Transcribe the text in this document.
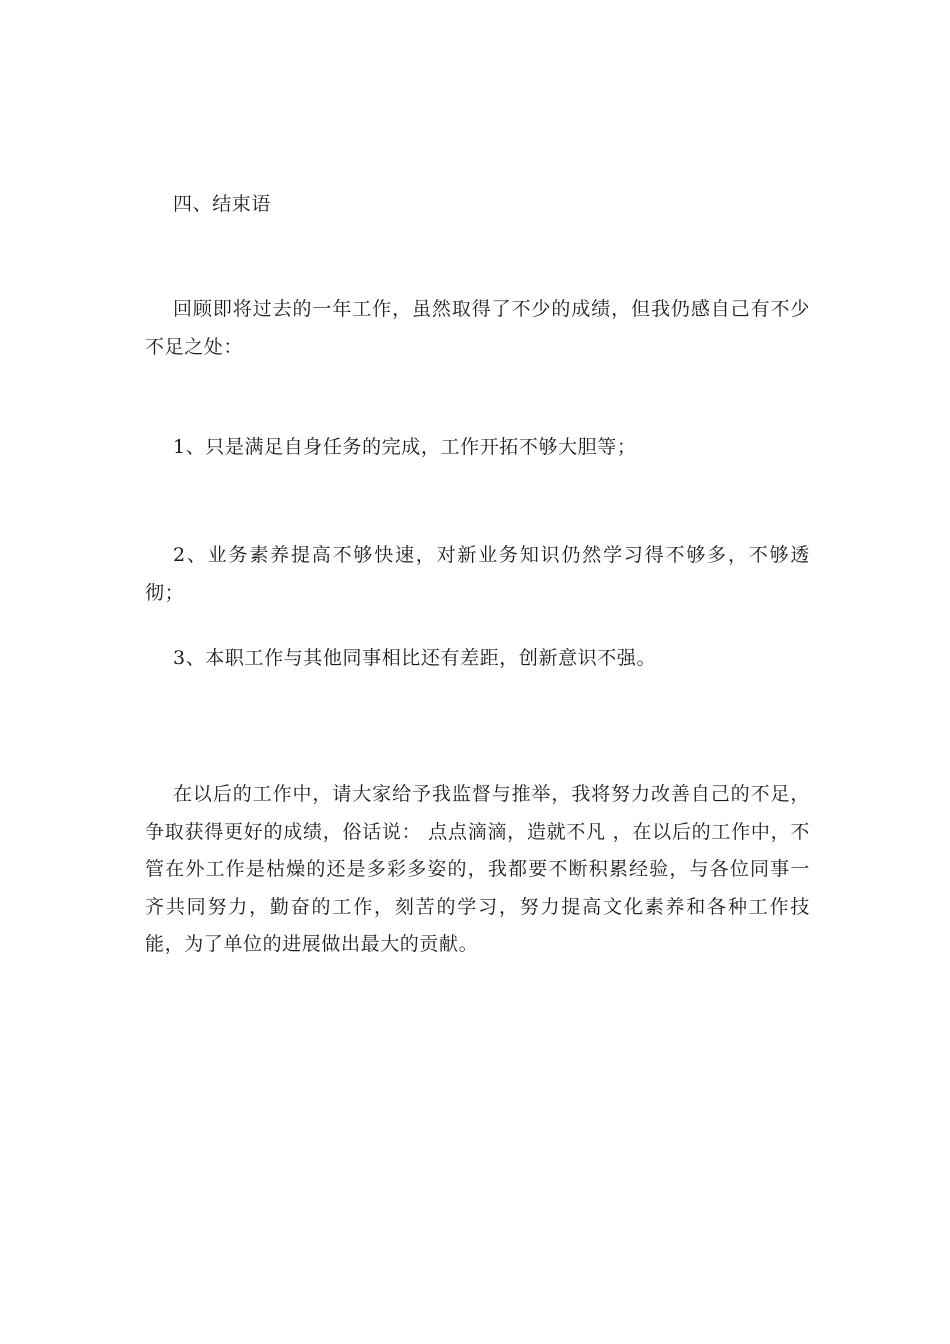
四、结束语

回顾即将过去的一年工作，虽然取得了不少的成绩，但我仍感自己有不少不足之处：

1、只是满足自身任务的完成，工作开拓不够大胆等；

2、业务素养提高不够快速，对新业务知识仍然学习得不够多，不够透彻；

3、本职工作与其他同事相比还有差距，创新意识不强。

在以后的工作中，请大家给予我监督与推举，我将努力改善自己的不足，争取获得更好的成绩，俗话说： 点点滴滴，造就不凡 ，在以后的工作中，不管在外工作是枯燥的还是多彩多姿的，我都要不断积累经验，与各位同事一齐共同努力，勤奋的工作，刻苦的学习，努力提高文化素养和各种工作技能，为了单位的进展做出最大的贡献。
